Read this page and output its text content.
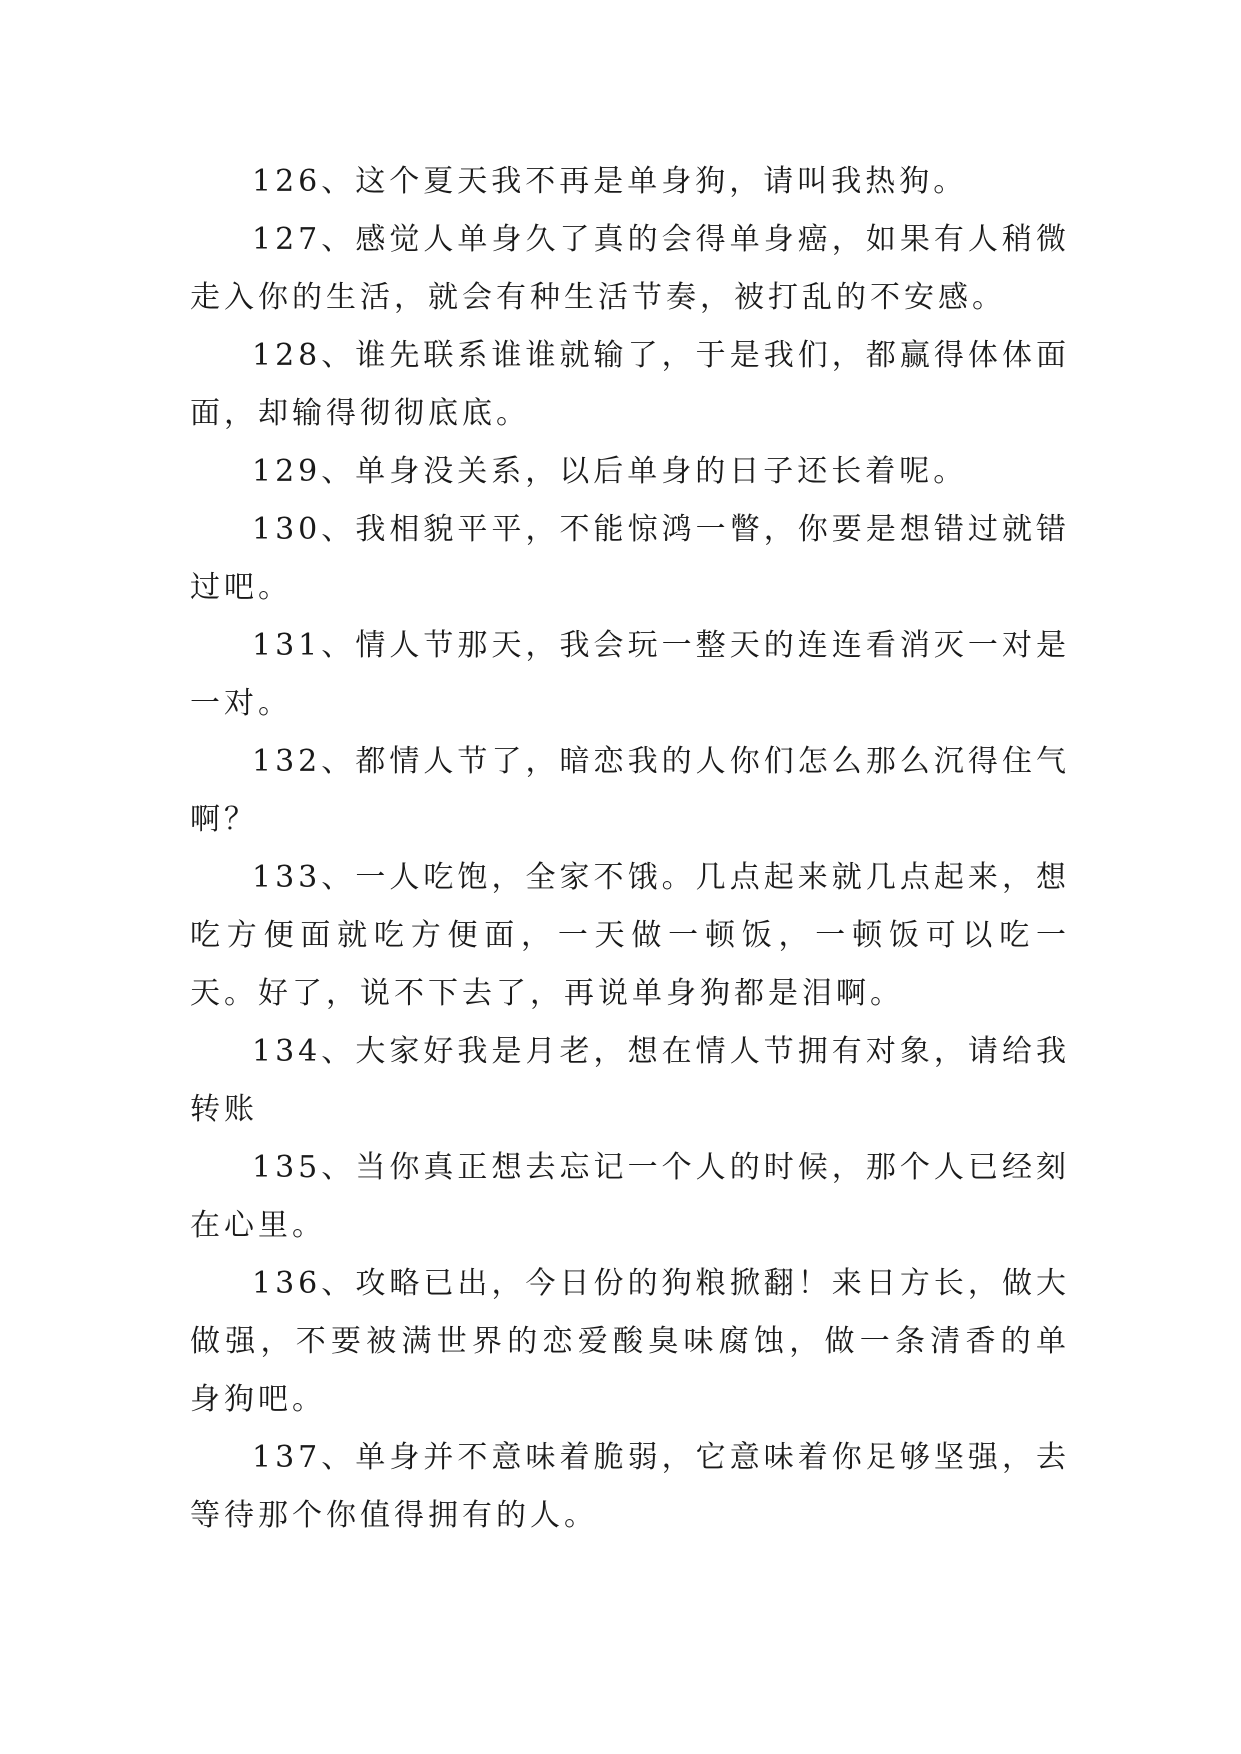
126、这个夏天我不再是单身狗，请叫我热狗。

127、感觉人单身久了真的会得单身癌，如果有人稍微走入你的生活，就会有种生活节奏，被打乱的不安感。

128、谁先联系谁谁就输了，于是我们，都赢得体体面面，却输得彻彻底底。

129、单身没关系，以后单身的日子还长着呢。

130、我相貌平平，不能惊鸿一瞥，你要是想错过就错过吧。

131、情人节那天，我会玩一整天的连连看消灭一对是一对。

132、都情人节了，暗恋我的人你们怎么那么沉得住气啊？

133、一人吃饱，全家不饿。几点起来就几点起来，想吃方便面就吃方便面，一天做一顿饭，一顿饭可以吃一天。好了，说不下去了，再说单身狗都是泪啊。

134、大家好我是月老，想在情人节拥有对象，请给我转账

135、当你真正想去忘记一个人的时候，那个人已经刻在心里。

136、攻略已出，今日份的狗粮掀翻！来日方长，做大做强，不要被满世界的恋爱酸臭味腐蚀，做一条清香的单身狗吧。

137、单身并不意味着脆弱，它意味着你足够坚强，去等待那个你值得拥有的人。
